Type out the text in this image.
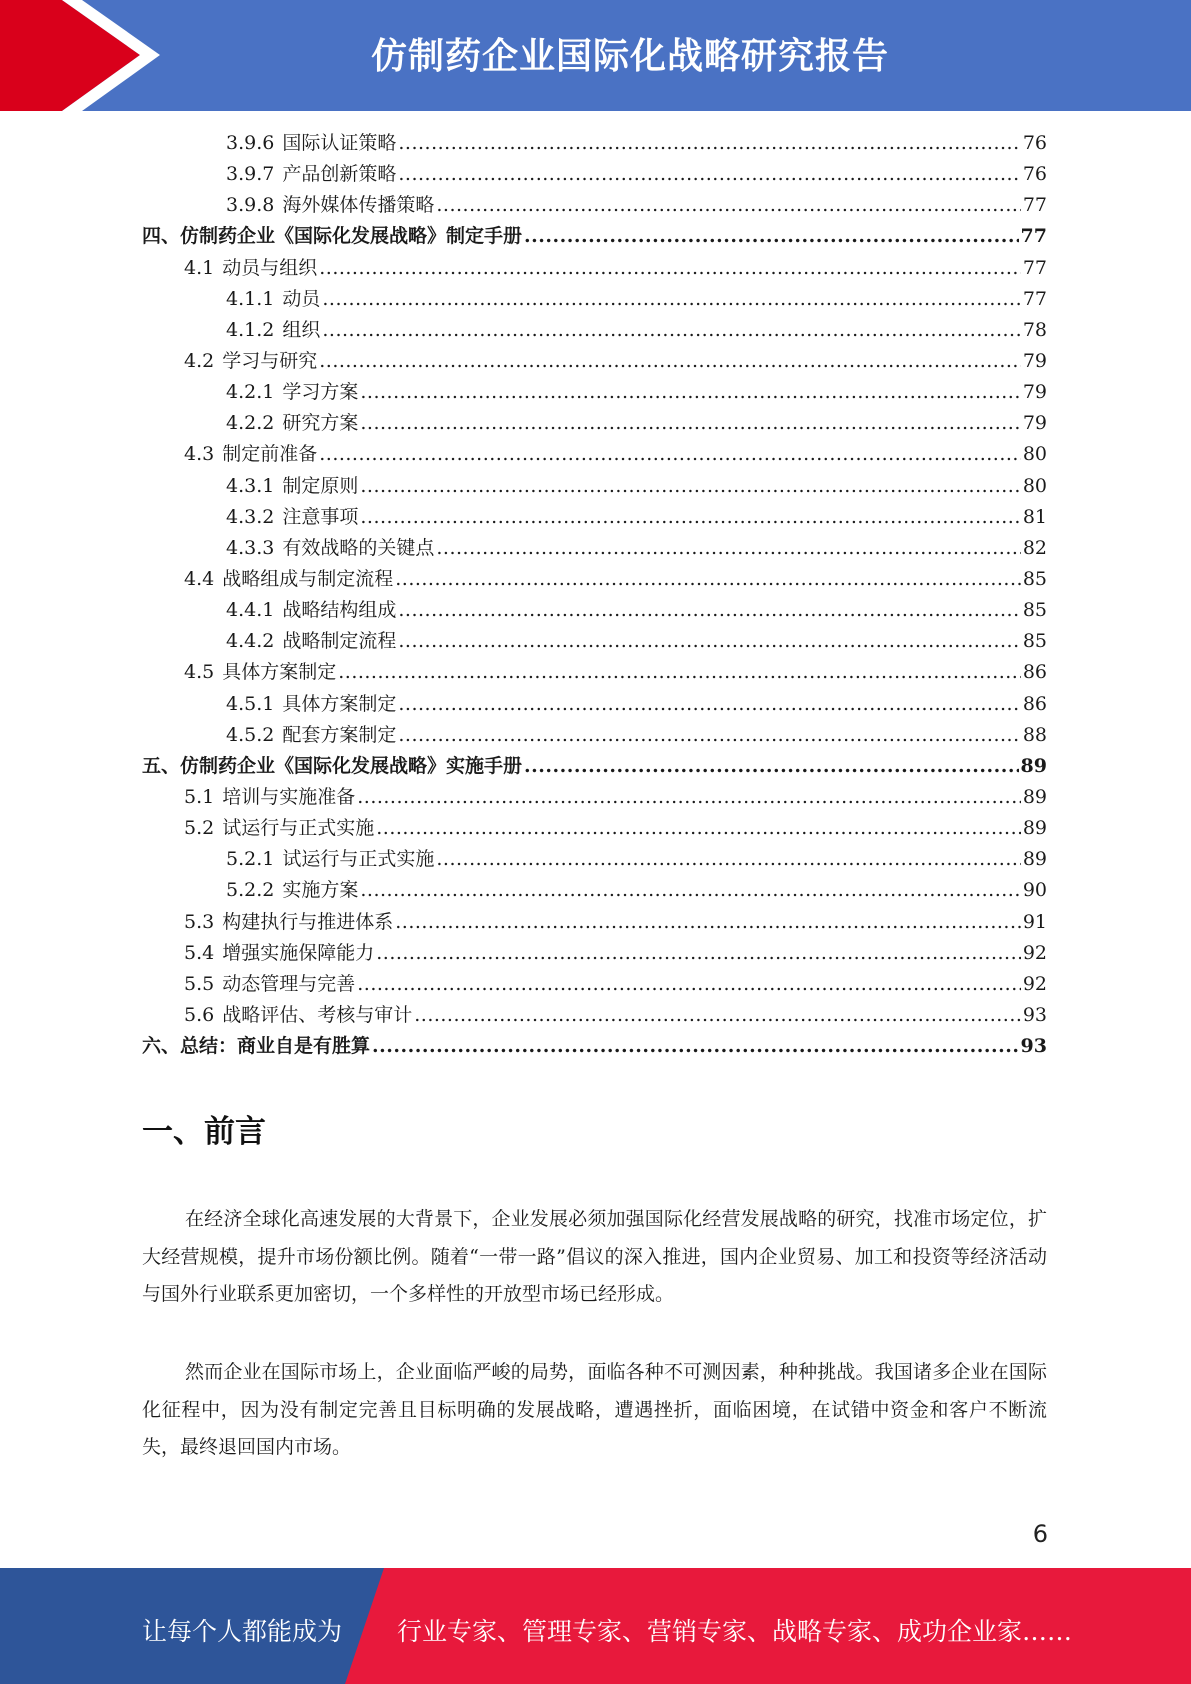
仿制药企业国际化战略研究报告
3.9.6 国际认证策略 .....	76
3.9.7 产品创新策略 .....	76
3.9.8 海外媒体传播策略 .....	77
四、 仿制药企业《国际化发展战略》制定手册 .....	77
4.1 动员与组织 .....	77
4.1.1 动员 .....	77
4.1.2 组织 .....	78
4.2 学习与研究 .....	79
4.2.1 学习方案 .....	79
4.2.2 研究方案 .....	79
4.3 制定前准备 .....	80
4.3.1 制定原则 .....	80
4.3.2 注意事项 .....	81
4.3.3 有效战略的关键点 .....	82
4.4 战略组成与制定流程 .....	85
4.4.1 战略结构组成 .....	85
4.4.2 战略制定流程 .....	85
4.5 具体方案制定 .....	86
4.5.1 具体方案制定 .....	86
4.5.2 配套方案制定 .....	88
五、 仿制药企业《国际化发展战略》实施手册 .....	89
5.1 培训与实施准备 .....	89
5.2 试运行与正式实施 .....	89
5.2.1 试运行与正式实施 .....	89
5.2.2 实施方案 .....	90
5.3 构建执行与推进体系 .....	91
5.4 增强实施保障能力 .....	92
5.5 动态管理与完善 .....	92
5.6 战略评估、考核与审计 .....	93
六、 总结：商业自是有胜算 .....	93
一、前言

在经济全球化高速发展的大背景下，企业发展必须加强国际化经营发展战略的研究，找准市场定位，扩大经营规模，提升市场份额比例。随着“一带一路”倡议的深入推进，国内企业贸易、加工和投资等经济活动与国外行业联系更加密切，一个多样性的开放型市场已经形成。

然而企业在国际市场上，企业面临严峻的局势，面临各种不可测因素，种种挑战。我国诸多企业在国际化征程中，因为没有制定完善且目标明确的发展战略，遭遇挫折，面临困境，在试错中资金和客户不断流失，最终退回国内市场。

6
让每个人都能成为 行业专家、管理专家、营销专家、战略专家、成功企业家……
